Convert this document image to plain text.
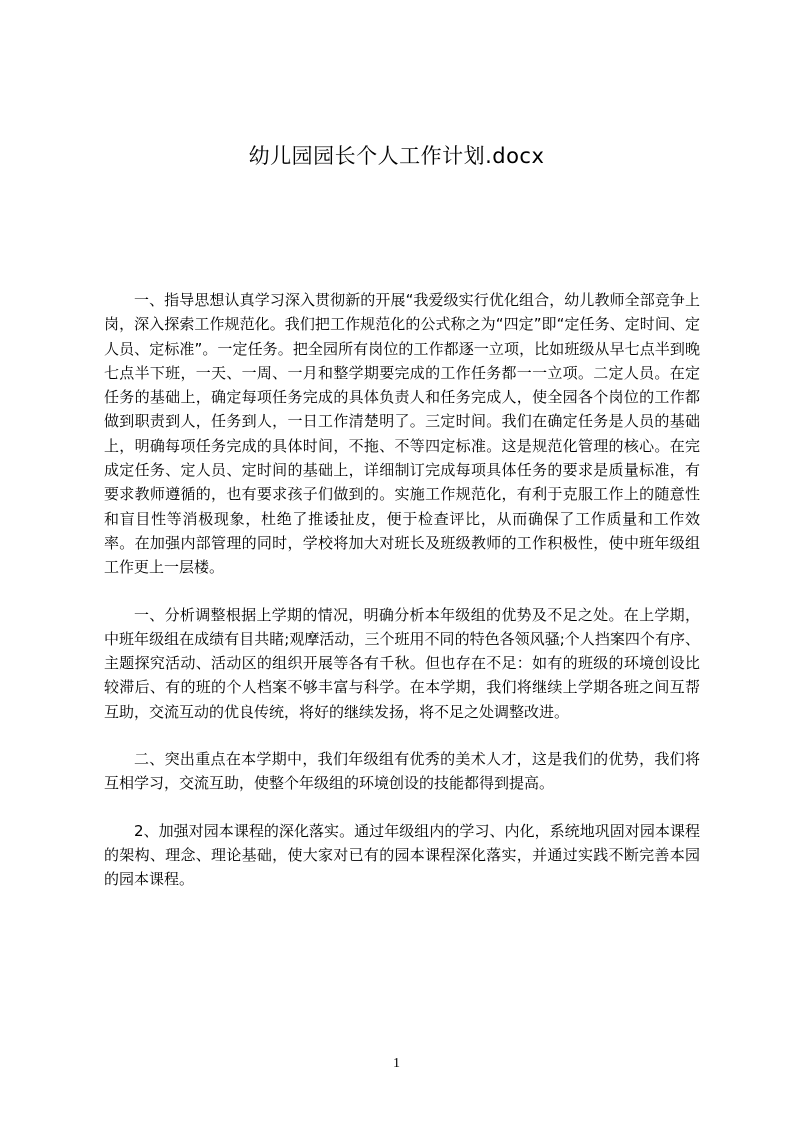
幼儿园园长个人工作计划.docx

一、指导思想认真学习深入贯彻新的开展“我爱级实行优化组合，幼儿教师全部竞争上岗，深入探索工作规范化。我们把工作规范化的公式称之为“四定”即“定任务、定时间、定人员、定标准”。一定任务。把全园所有岗位的工作都逐一立项，比如班级从早七点半到晚七点半下班，一天、一周、一月和整学期要完成的工作任务都一一立项。二定人员。在定任务的基础上，确定每项任务完成的具体负责人和任务完成人，使全园各个岗位的工作都做到职责到人，任务到人，一日工作清楚明了。三定时间。我们在确定任务是人员的基础上，明确每项任务完成的具体时间，不拖、不等四定标准。这是规范化管理的核心。在完成定任务、定人员、定时间的基础上，详细制订完成每项具体任务的要求是质量标准，有要求教师遵循的，也有要求孩子们做到的。实施工作规范化，有利于克服工作上的随意性和盲目性等消极现象，杜绝了推诿扯皮，便于检查评比，从而确保了工作质量和工作效率。在加强内部管理的同时，学校将加大对班长及班级教师的工作积极性，使中班年级组工作更上一层楼。

一、分析调整根据上学期的情况，明确分析本年级组的优势及不足之处。在上学期，中班年级组在成绩有目共睹;观摩活动，三个班用不同的特色各领风骚;个人挡案四个有序、主题探究活动、活动区的组织开展等各有千秋。但也存在不足：如有的班级的环境创设比较滞后、有的班的个人档案不够丰富与科学。在本学期，我们将继续上学期各班之间互帮互助，交流互动的优良传统，将好的继续发扬，将不足之处调整改进。

二、突出重点在本学期中，我们年级组有优秀的美术人才，这是我们的优势，我们将互相学习，交流互助，使整个年级组的环境创设的技能都得到提高。

2、加强对园本课程的深化落实。通过年级组内的学习、内化，系统地巩固对园本课程的架构、理念、理论基础，使大家对已有的园本课程深化落实，并通过实践不断完善本园的园本课程。

1
